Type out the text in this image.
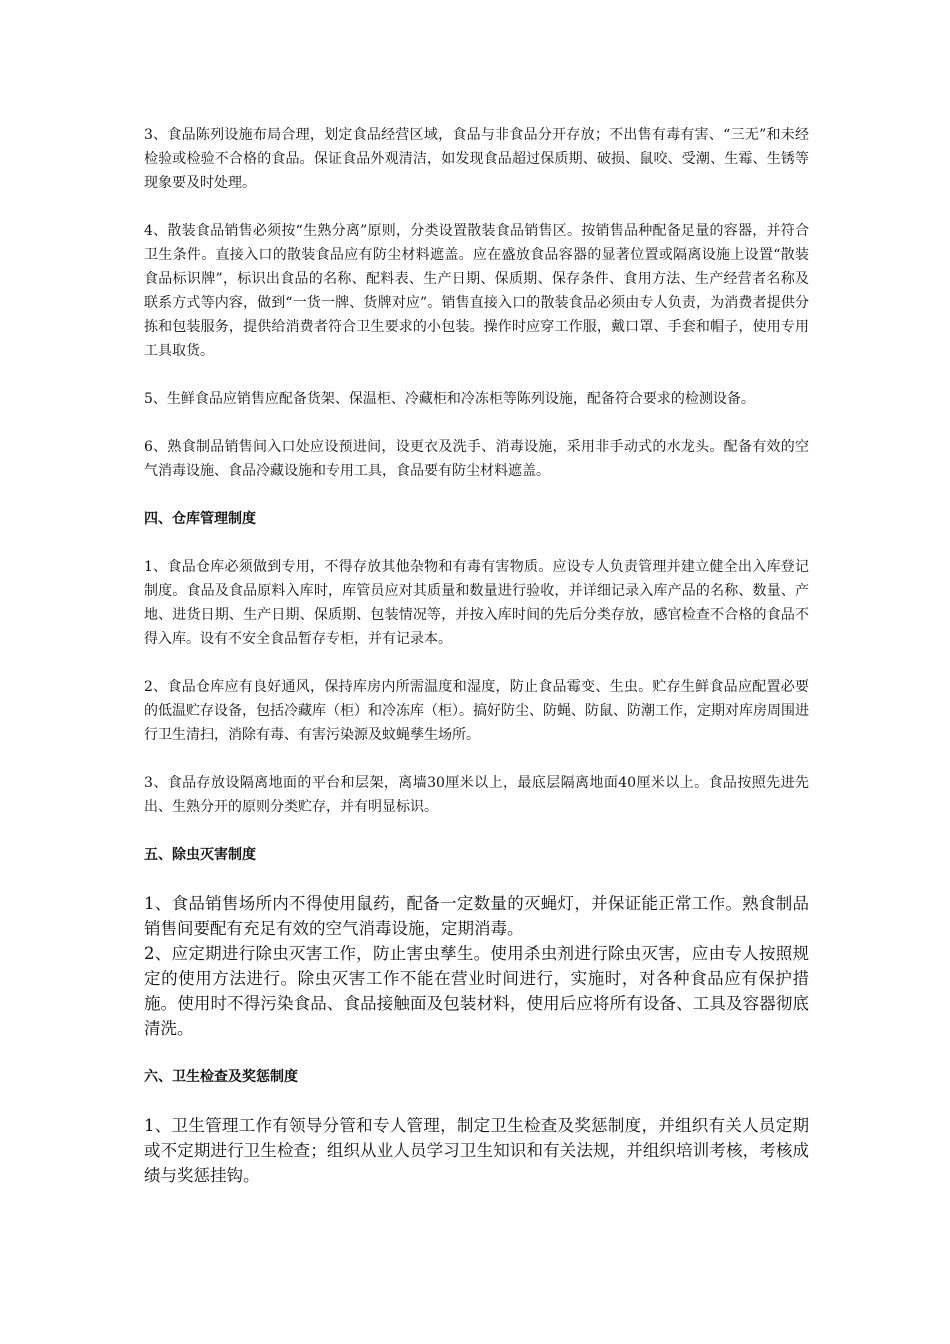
3、食品陈列设施布局合理，划定食品经营区域，食品与非食品分开存放；不出售有毒有害、“三无”和未经检验或检验不合格的食品。保证食品外观清洁，如发现食品超过保质期、破损、鼠咬、受潮、生霉、生锈等现象要及时处理。

4、散装食品销售必须按“生熟分离”原则，分类设置散装食品销售区。按销售品种配备足量的容器，并符合卫生条件。直接入口的散装食品应有防尘材料遮盖。应在盛放食品容器的显著位置或隔离设施上设置“散装食品标识牌”，标识出食品的名称、配料表、生产日期、保质期、保存条件、食用方法、生产经营者名称及联系方式等内容，做到“一货一牌、货牌对应”。销售直接入口的散装食品必须由专人负责，为消费者提供分拣和包装服务，提供给消费者符合卫生要求的小包装。操作时应穿工作服，戴口罩、手套和帽子，使用专用工具取货。

5、生鲜食品应销售应配备货架、保温柜、冷藏柜和冷冻柜等陈列设施，配备符合要求的检测设备。

6、熟食制品销售间入口处应设预进间，设更衣及洗手、消毒设施，采用非手动式的水龙头。配备有效的空气消毒设施、食品冷藏设施和专用工具，食品要有防尘材料遮盖。

四、仓库管理制度

1、食品仓库必须做到专用，不得存放其他杂物和有毒有害物质。应设专人负责管理并建立健全出入库登记制度。食品及食品原料入库时，库管员应对其质量和数量进行验收，并详细记录入库产品的名称、数量、产地、进货日期、生产日期、保质期、包装情况等，并按入库时间的先后分类存放，感官检查不合格的食品不得入库。设有不安全食品暂存专柜，并有记录本。

2、食品仓库应有良好通风，保持库房内所需温度和湿度，防止食品霉变、生虫。贮存生鲜食品应配置必要的低温贮存设备，包括冷藏库（柜）和冷冻库（柜）。搞好防尘、防蝇、防鼠、防潮工作，定期对库房周围进行卫生清扫，消除有毒、有害污染源及蚊蝇孳生场所。

3、食品存放设隔离地面的平台和层架，离墙30厘米以上，最底层隔离地面40厘米以上。食品按照先进先出、生熟分开的原则分类贮存，并有明显标识。

五、除虫灭害制度

1、食品销售场所内不得使用鼠药，配备一定数量的灭蝇灯，并保证能正常工作。熟食制品销售间要配有充足有效的空气消毒设施，定期消毒。

2、应定期进行除虫灭害工作，防止害虫孳生。使用杀虫剂进行除虫灭害，应由专人按照规定的使用方法进行。除虫灭害工作不能在营业时间进行，实施时，对各种食品应有保护措施。使用时不得污染食品、食品接触面及包装材料，使用后应将所有设备、工具及容器彻底清洗。

六、卫生检查及奖惩制度

1、卫生管理工作有领导分管和专人管理，制定卫生检查及奖惩制度，并组织有关人员定期或不定期进行卫生检查；组织从业人员学习卫生知识和有关法规，并组织培训考核，考核成绩与奖惩挂钩。
